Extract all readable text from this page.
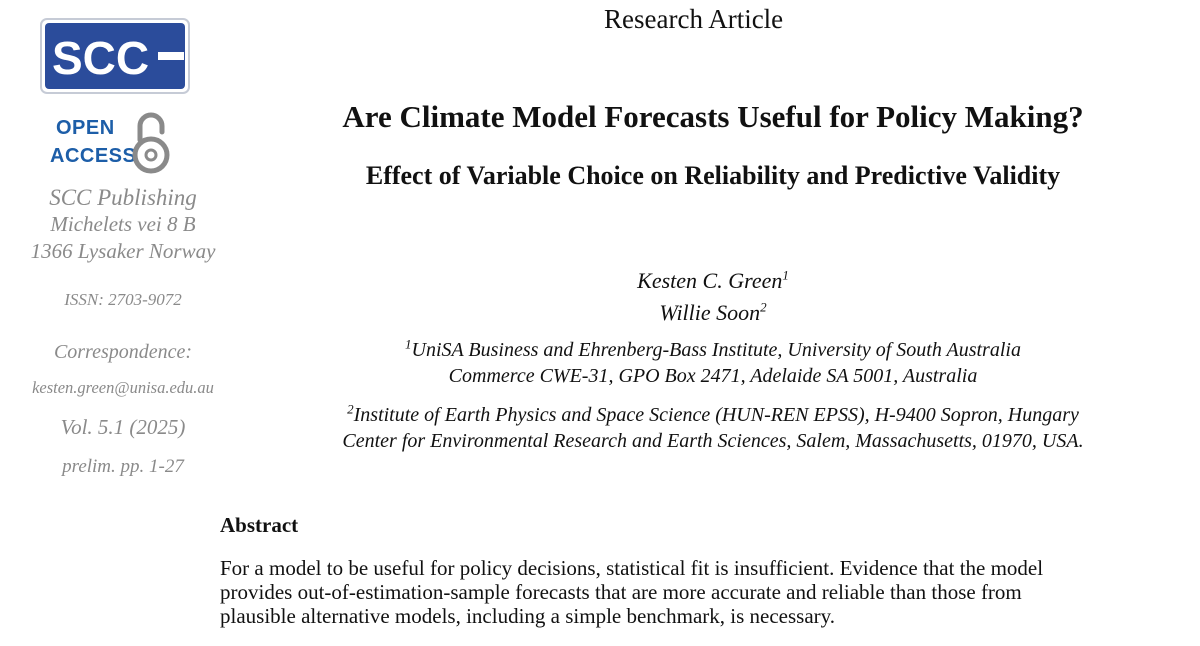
SCC
OPEN
ACCESS
SCC Publishing
Michelets vei 8 B
1366 Lysaker Norway
ISSN: 2703-9072
Correspondence:
kesten.green@unisa.edu.au
Vol. 5.1 (2025)
prelim. pp. 1-27
Research Article
Are Climate Model Forecasts Useful for Policy Making?
Effect of Variable Choice on Reliability and Predictive Validity
Kesten C. Green$^1$
Willie Soon$^2$
$^1$UniSA Business and Ehrenberg-Bass Institute, University of South Australia
Commerce CWE-31, GPO Box 2471, Adelaide SA 5001, Australia
$^2$Institute of Earth Physics and Space Science (HUN-REN EPSS), H-9400 Sopron, Hungary
Center for Environmental Research and Earth Sciences, Salem, Massachusetts, 01970, USA.
Abstract
For a model to be useful for policy decisions, statistical fit is insufficient. Evidence that the model
provides out-of-estimation-sample forecasts that are more accurate and reliable than those from
plausible alternative models, including a simple benchmark, is necessary.
